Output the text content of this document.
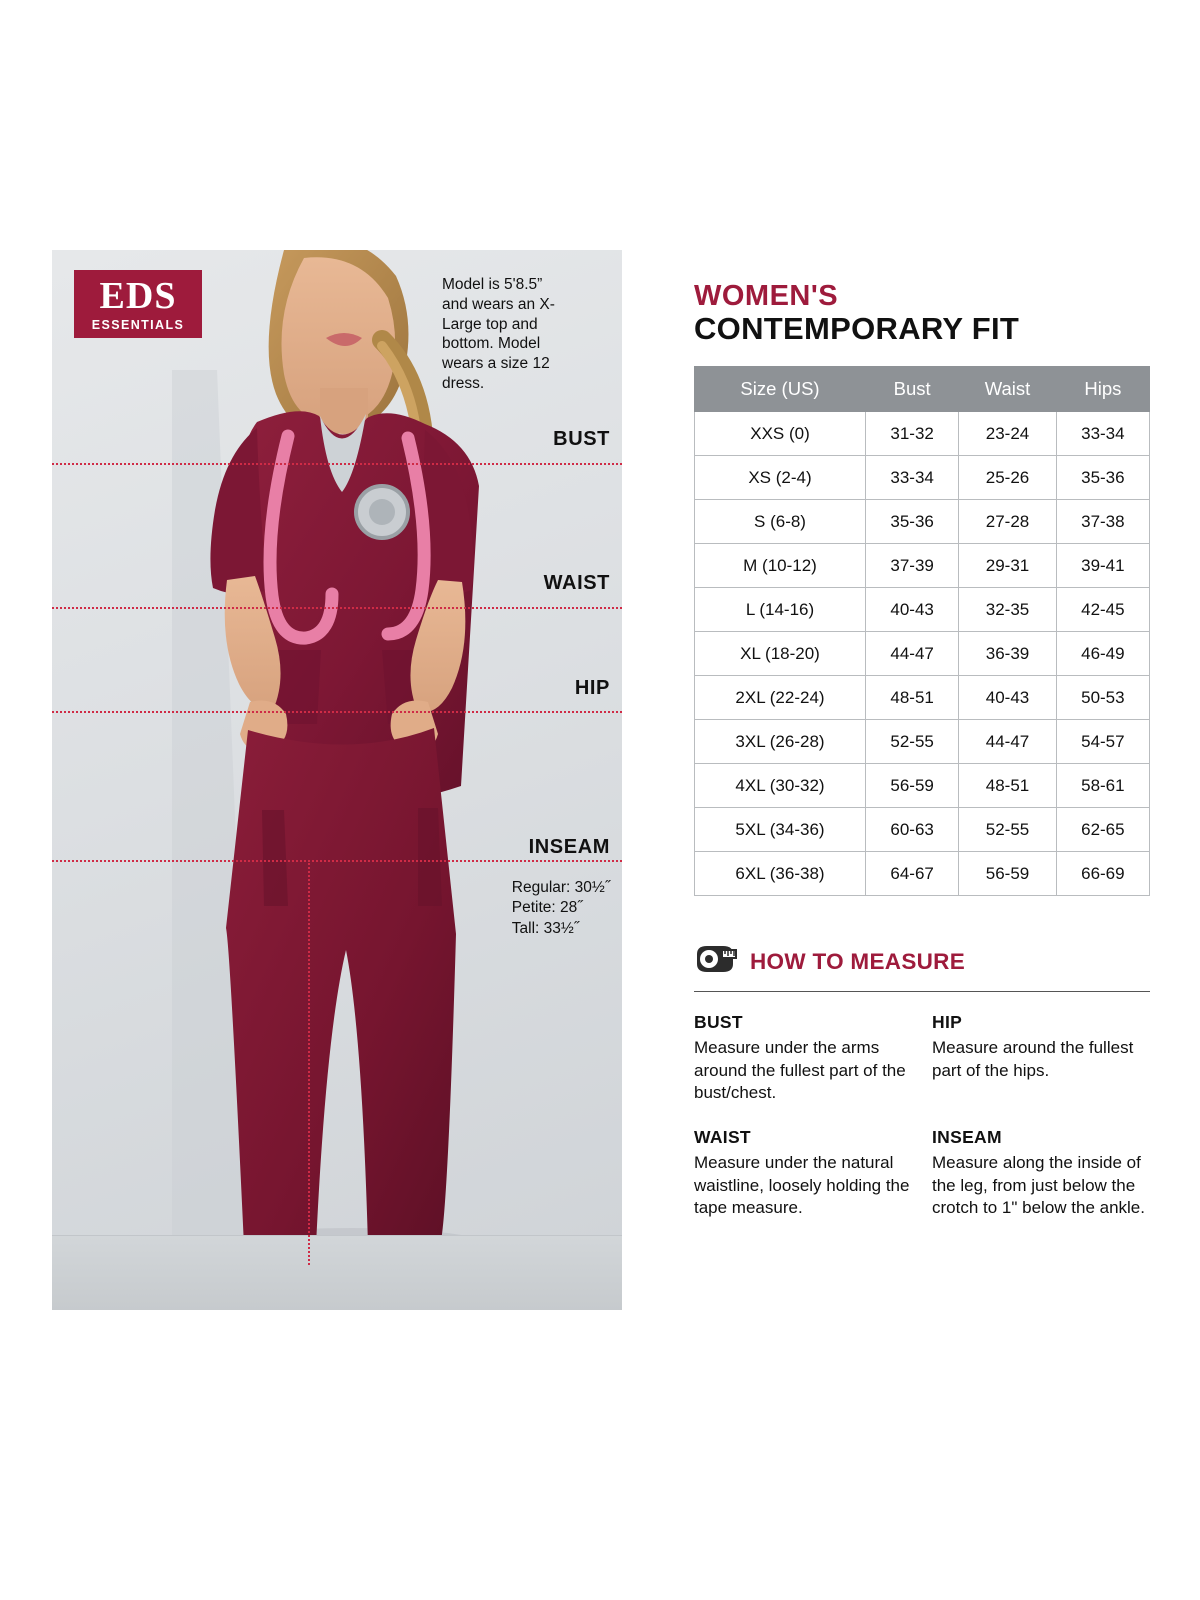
EDS
ESSENTIALS
Model is 5'8.5” and wears an X-Large top and bottom. Model wears a size 12 dress.
BUST
WAIST
HIP
INSEAM
Regular: 30½˝
Petite: 28˝
Tall: 33½˝
WOMEN'S
CONTEMPORARY FIT
Size (US)	Bust	Waist	Hips
XXS (0)	31-32	23-24	33-34
XS (2-4)	33-34	25-26	35-36
S (6-8)	35-36	27-28	37-38
M (10-12)	37-39	29-31	39-41
L (14-16)	40-43	32-35	42-45
XL (18-20)	44-47	36-39	46-49
2XL (22-24)	48-51	40-43	50-53
3XL (26-28)	52-55	44-47	54-57
4XL (30-32)	56-59	48-51	58-61
5XL (34-36)	60-63	52-55	62-65
6XL (36-38)	64-67	56-59	66-69
HOW TO MEASURE
BUST

Measure under the arms around the fullest part of the bust/chest.

HIP

Measure around the fullest part of the hips.

WAIST

Measure under the natural waistline, loosely holding the tape measure.

INSEAM

Measure along the inside of the leg, from just below the crotch to 1" below the ankle.
